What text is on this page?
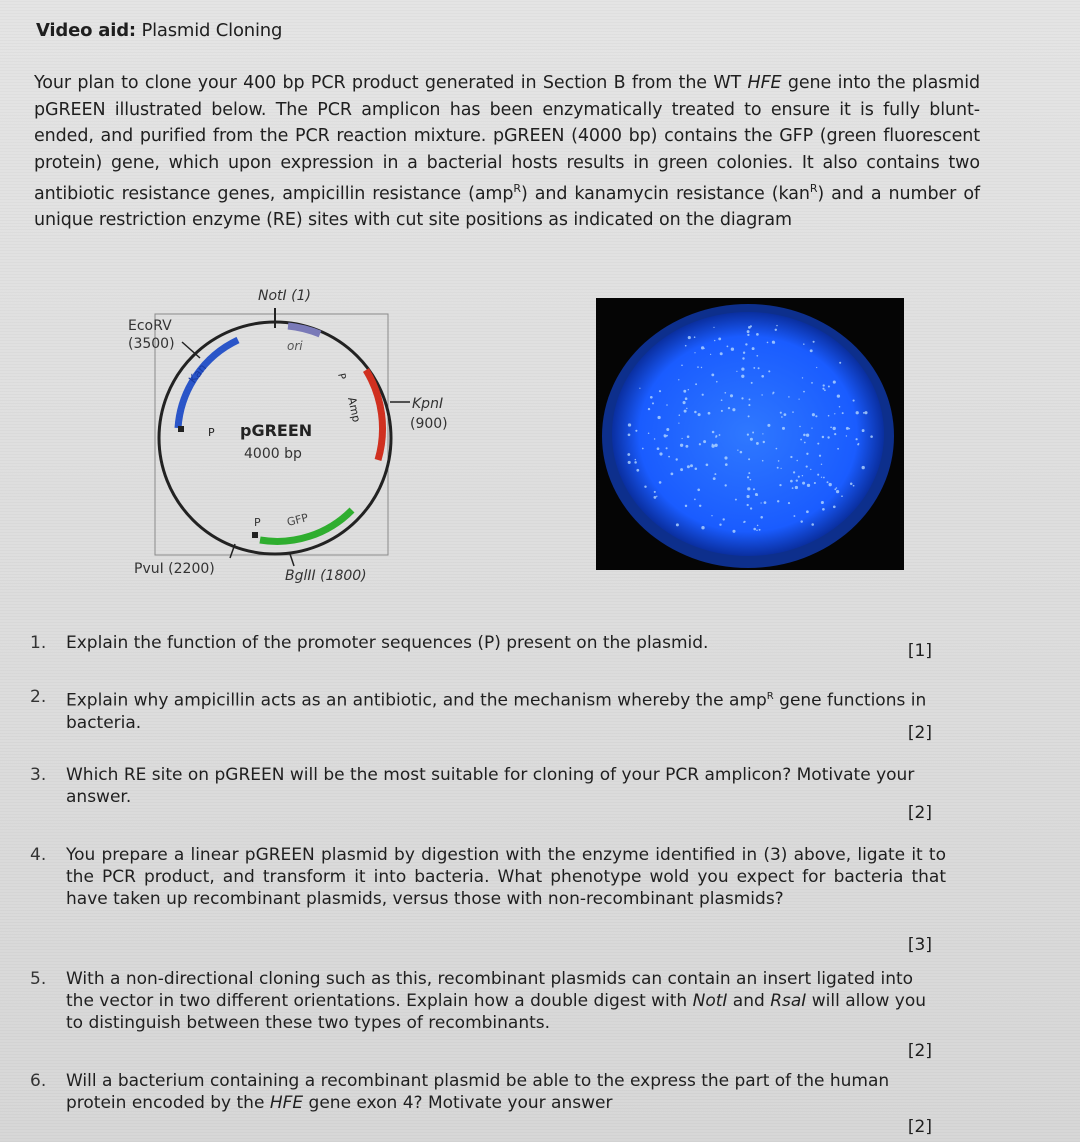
Video aid: Plasmid Cloning
Your plan to clone your 400 bp PCR product generated in Section B from the WT HFE gene into the plasmid pGREEN illustrated below. The PCR amplicon has been enzymatically treated to ensure it is fully blunt-ended, and purified from the PCR reaction mixture. pGREEN (4000 bp) contains the GFP (green fluorescent protein) gene, which upon expression in a bacterial hosts results in green colonies. It also contains two antibiotic resistance genes, ampicillin resistance (amp$^R$) and kanamycin resistance (kan$^R$) and a number of unique restriction enzyme (RE) sites with cut site positions as indicated on the diagram
NotI (1)
ori
Kan
P
EcoRV
(3500)
Amp
P
KpnI
(900)
GFP
P
pGREEN
4000 bp
PvuI (2200)	BglII (1800)
1.	Explain the function of the promoter sequences (P) present on the plasmid.	[1]
2.	Explain why ampicillin acts as an antibiotic, and the mechanism whereby the amp$^R$ gene functions in bacteria.
[2]
3.	Which RE site on pGREEN will be the most suitable for cloning of your PCR amplicon? Motivate your answer.
[2]
4.	You prepare a linear pGREEN plasmid by digestion with the enzyme identified in (3) above, ligate it to the PCR product, and transform it into bacteria. What phenotype wold you expect for bacteria that have taken up recombinant plasmids, versus those with non-recombinant plasmids?
[3]
5.	With a non-directional cloning such as this, recombinant plasmids can contain an insert ligated into the vector in two different orientations. Explain how a double digest with NotI and RsaI will allow you to distinguish between these two types of recombinants.
[2]
6.	Will a bacterium containing a recombinant plasmid be able to the express the part of the human protein encoded by the HFE gene exon 4? Motivate your answer
[2]
